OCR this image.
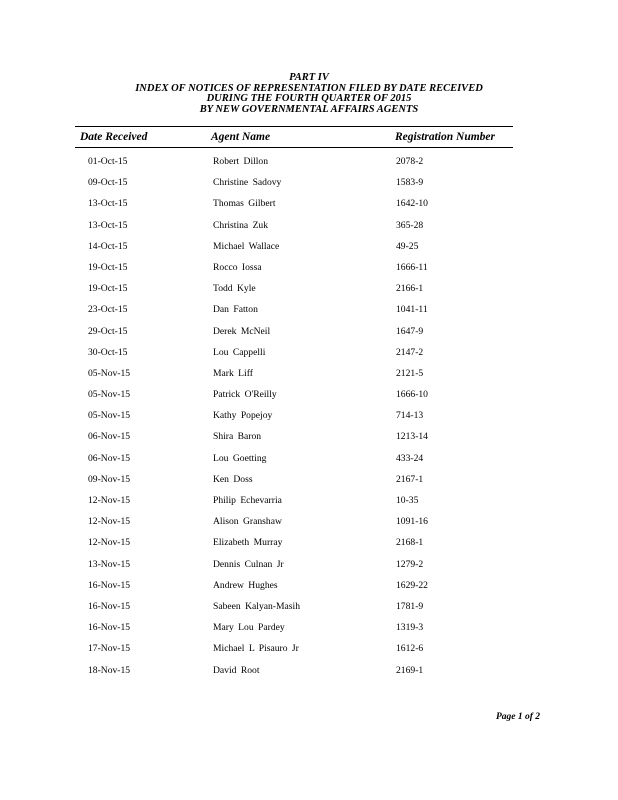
PART IV
INDEX OF NOTICES OF REPRESENTATION FILED BY DATE RECEIVED
DURING THE FOURTH QUARTER OF 2015
BY NEW GOVERNMENTAL AFFAIRS AGENTS
Date Received	Agent Name	Registration Number
01-Oct-15	Robert Dillon	2078-2
09-Oct-15	Christine Sadovy	1583-9
13-Oct-15	Thomas Gilbert	1642-10
13-Oct-15	Christina Zuk	365-28
14-Oct-15	Michael Wallace	49-25
19-Oct-15	Rocco Iossa	1666-11
19-Oct-15	Todd Kyle	2166-1
23-Oct-15	Dan Fatton	1041-11
29-Oct-15	Derek McNeil	1647-9
30-Oct-15	Lou Cappelli	2147-2
05-Nov-15	Mark Liff	2121-5
05-Nov-15	Patrick O'Reilly	1666-10
05-Nov-15	Kathy Popejoy	714-13
06-Nov-15	Shira Baron	1213-14
06-Nov-15	Lou Goetting	433-24
09-Nov-15	Ken Doss	2167-1
12-Nov-15	Philip Echevarria	10-35
12-Nov-15	Alison Granshaw	1091-16
12-Nov-15	Elizabeth Murray	2168-1
13-Nov-15	Dennis Culnan Jr	1279-2
16-Nov-15	Andrew Hughes	1629-22
16-Nov-15	Sabeen Kalyan-Masih	1781-9
16-Nov-15	Mary Lou Pardey	1319-3
17-Nov-15	Michael L Pisauro Jr	1612-6
18-Nov-15	David Root	2169-1
Page 1 of 2
